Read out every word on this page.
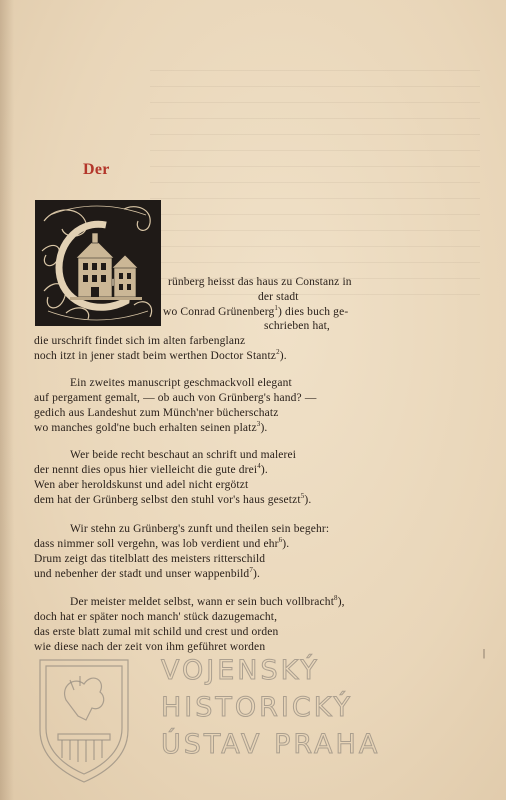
Der
rünberg heisst das haus zu Constanz in
der stadt
wo Conrad Grünenberg$^1$) dies buch ge-
schrieben hat,
die urschrift findet sich im alten farbenglanz
noch itzt in jener stadt beim werthen Doctor Stantz$^2$).
Ein zweites manuscript geschmackvoll elegant
auf pergament gemalt, — ob auch von Grünberg's hand? —
gedich aus Landeshut zum Münch'ner bücherschatz
wo manches gold'ne buch erhalten seinen platz$^3$).
Wer beide recht beschaut an schrift und malerei
der nennt dies opus hier vielleicht die gute drei$^4$).
Wen aber heroldskunst und adel nicht ergötzt
dem hat der Grünberg selbst den stuhl vor's haus gesetzt$^5$).
Wir stehn zu Grünberg's zunft und theilen sein begehr:
dass nimmer soll vergehn, was lob verdient und ehr$^6$).
Drum zeigt das titelblatt des meisters ritterschild
und nebenher der stadt und unser wappenbild$^7$).
Der meister meldet selbst, wann er sein buch vollbracht$^8$),
doch hat er später noch manch' stück dazugemacht,
das erste blatt zumal mit schild und crest und orden
wie diese nach der zeit von ihm geführet worden
|
VOJENSKÝ
HISTORICKÝ
ÚSTAV PRAHA
